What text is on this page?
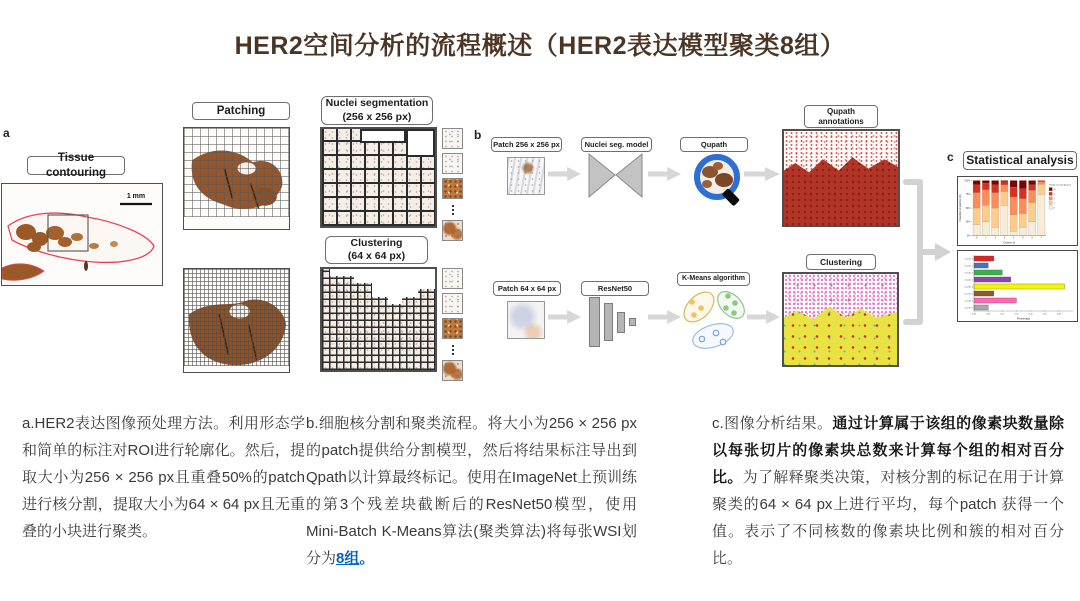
HER2空间分析的流程概述（HER2表达模型聚类8组）
a
Tissue contouring
1 mm
Patching
Nuclei segmentation
(256 x 256 px)
Clustering
(64 x 64 px)
b
Patch 256 x 256 px	Nuclei seg. model	Qupath
Patch 64 x 64 px	ResNet50
K-Means algorithm
Qupath
annotations
Clustering
c Statistical analysis
0%
25%
50%
75%
100%
0	1	2	3	4	5	6	7
Cluster id
Proportion of patches (%)
Number of nuclei by patch
4+
3
2
1
0
Cluster 0
Cluster 1
Cluster 2
Cluster 3
Cluster 4
Cluster 5
Cluster 6
Cluster 7
0.00	0.05	0.10	0.15	0.20	0.25	0.30
Percentage
a.HER2表达图像预处理方法。利用形态学和简单的标注对ROI进行轮廓化。然后，提取大小为256 × 256 px且重叠50%的patch进行核分割，提取大小为64 × 64 px且无重叠的小块进行聚类。
b.细胞核分割和聚类流程。将大小为256 × 256 px的patch提供给分割模型，然后将结果标注导出到Qpath以计算最终标记。使用在ImageNet上预训练的第3个残差块截断后的ResNet50模型，使用Mini-Batch K-Means算法(聚类算法)将每张WSI划分为8组。
c.图像分析结果。通过计算属于该组的像素块数量除以每张切片的像素块总数来计算每个组的相对百分比。为了解释聚类决策，对核分割的标记在用于计算聚类的64 × 64 px上进行平均，每个patch 获得一个值。表示了不同核数的像素块比例和簇的相对百分比。
